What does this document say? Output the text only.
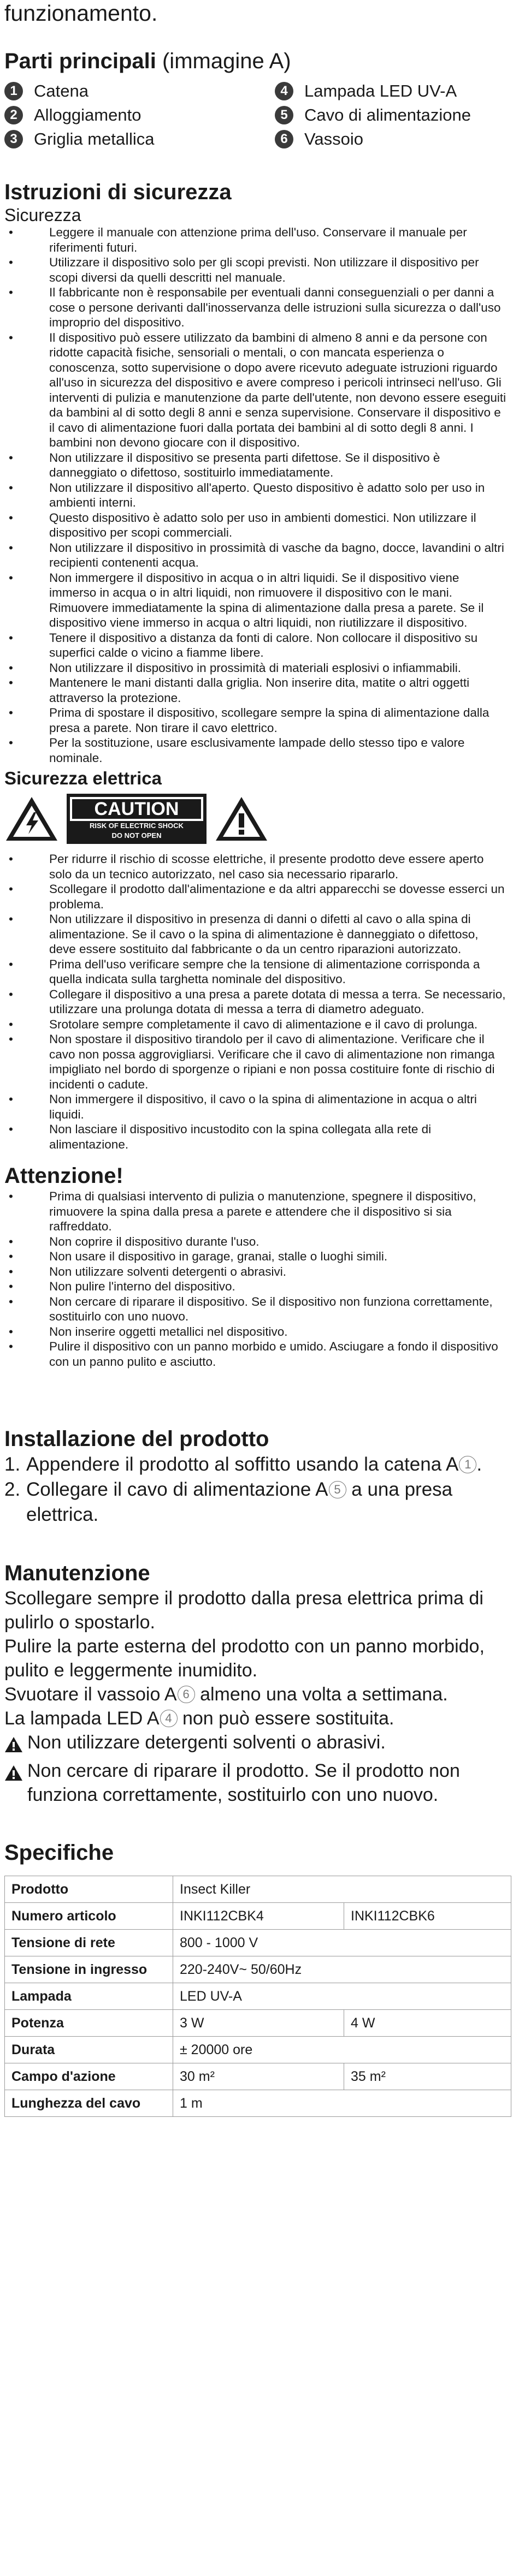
funzionamento.

Parti principali (immagine A)
1 Catena	4 Lampada LED UV-A
2 Alloggiamento	5 Cavo di alimentazione
3 Griglia metallica	6 Vassoio
Istruzioni di sicurezza
Sicurezza
• Leggere il manuale con attenzione prima dell'uso. Conservare il manuale per riferimenti futuri.
• Utilizzare il dispositivo solo per gli scopi previsti. Non utilizzare il dispositivo per scopi diversi da quelli descritti nel manuale.
• Il fabbricante non è responsabile per eventuali danni conseguenziali o per danni a cose o persone derivanti dall'inosservanza delle istruzioni sulla sicurezza o dall'uso improprio del dispositivo.
• Il dispositivo può essere utilizzato da bambini di almeno 8 anni e da persone con ridotte capacità fisiche, sensoriali o mentali, o con mancata esperienza o conoscenza, sotto supervisione o dopo avere ricevuto adeguate istruzioni riguardo all'uso in sicurezza del dispositivo e avere compreso i pericoli intrinseci nell'uso. Gli interventi di pulizia e manutenzione da parte dell'utente, non devono essere eseguiti da bambini al di sotto degli 8 anni e senza supervisione. Conservare il dispositivo e il cavo di alimentazione fuori dalla portata dei bambini al di sotto degli 8 anni. I bambini non devono giocare con il dispositivo.
• Non utilizzare il dispositivo se presenta parti difettose. Se il dispositivo è danneggiato o difettoso, sostituirlo immediatamente.
• Non utilizzare il dispositivo all'aperto. Questo dispositivo è adatto solo per uso in ambienti interni.
• Questo dispositivo è adatto solo per uso in ambienti domestici. Non utilizzare il dispositivo per scopi commerciali.
• Non utilizzare il dispositivo in prossimità di vasche da bagno, docce, lavandini o altri recipienti contenenti acqua.
• Non immergere il dispositivo in acqua o in altri liquidi. Se il dispositivo viene immerso in acqua o in altri liquidi, non rimuovere il dispositivo con le mani. Rimuovere immediatamente la spina di alimentazione dalla presa a parete. Se il dispositivo viene immerso in acqua o altri liquidi, non riutilizzare il dispositivo.
• Tenere il dispositivo a distanza da fonti di calore. Non collocare il dispositivo su superfici calde o vicino a fiamme libere.
• Non utilizzare il dispositivo in prossimità di materiali esplosivi o infiammabili.
• Mantenere le mani distanti dalla griglia. Non inserire dita, matite o altri oggetti attraverso la protezione.
• Prima di spostare il dispositivo, scollegare sempre la spina di alimentazione dalla presa a parete. Non tirare il cavo elettrico.
• Per la sostituzione, usare esclusivamente lampade dello stesso tipo e valore nominale.
Sicurezza elettrica
CAUTION
RISK OF ELECTRIC SHOCK
DO NOT OPEN
• Per ridurre il rischio di scosse elettriche, il presente prodotto deve essere aperto solo da un tecnico autorizzato, nel caso sia necessario ripararlo.
• Scollegare il prodotto dall'alimentazione e da altri apparecchi se dovesse esserci un problema.
• Non utilizzare il dispositivo in presenza di danni o difetti al cavo o alla spina di alimentazione. Se il cavo o la spina di alimentazione è danneggiato o difettoso, deve essere sostituito dal fabbricante o da un centro riparazioni autorizzato.
• Prima dell'uso verificare sempre che la tensione di alimentazione corrisponda a quella indicata sulla targhetta nominale del dispositivo.
• Collegare il dispositivo a una presa a parete dotata di messa a terra. Se necessario, utilizzare una prolunga dotata di messa a terra di diametro adeguato.
• Srotolare sempre completamente il cavo di alimentazione e il cavo di prolunga.
• Non spostare il dispositivo tirandolo per il cavo di alimentazione. Verificare che il cavo non possa aggrovigliarsi. Verificare che il cavo di alimentazione non rimanga impigliato nel bordo di sporgenze o ripiani e non possa costituire fonte di rischio di incidenti o cadute.
• Non immergere il dispositivo, il cavo o la spina di alimentazione in acqua o altri liquidi.
• Non lasciare il dispositivo incustodito con la spina collegata alla rete di alimentazione.
Attenzione!
• Prima di qualsiasi intervento di pulizia o manutenzione, spegnere il dispositivo, rimuovere la spina dalla presa a parete e attendere che il dispositivo si sia raffreddato.
• Non coprire il dispositivo durante l'uso.
• Non usare il dispositivo in garage, granai, stalle o luoghi simili.
• Non utilizzare solventi detergenti o abrasivi.
• Non pulire l'interno del dispositivo.
• Non cercare di riparare il dispositivo. Se il dispositivo non funziona correttamente, sostituirlo con uno nuovo.
• Non inserire oggetti metallici nel dispositivo.
• Pulire il dispositivo con un panno morbido e umido. Asciugare a fondo il dispositivo con un panno pulito e asciutto.
Installazione del prodotto
1. Appendere il prodotto al soffitto usando la catena A 1 .
2. Collegare il cavo di alimentazione A 5 a una presa elettrica.
Manutenzione

Scollegare sempre il prodotto dalla presa elettrica prima di pulirlo o spostarlo.

Pulire la parte esterna del prodotto con un panno morbido, pulito e leggermente inumidito.

Svuotare il vassoio A 6 almeno una volta a settimana.

La lampada LED A 4 non può essere sostituita.

Non utilizzare detergenti solventi o abrasivi.
Non cercare di riparare il prodotto. Se il prodotto non funziona correttamente, sostituirlo con uno nuovo.
Specifiche
Prodotto	Insect Killer	
Numero articolo	INKI112CBK4	INKI112CBK6
Tensione di rete	800 - 1000 V	
Tensione in ingresso	220-240V~ 50/60Hz	
Lampada	LED UV-A	
Potenza	3 W	4 W
Durata	± 20000 ore	
Campo d'azione	30 m²	35 m²
Lunghezza del cavo	1 m	
